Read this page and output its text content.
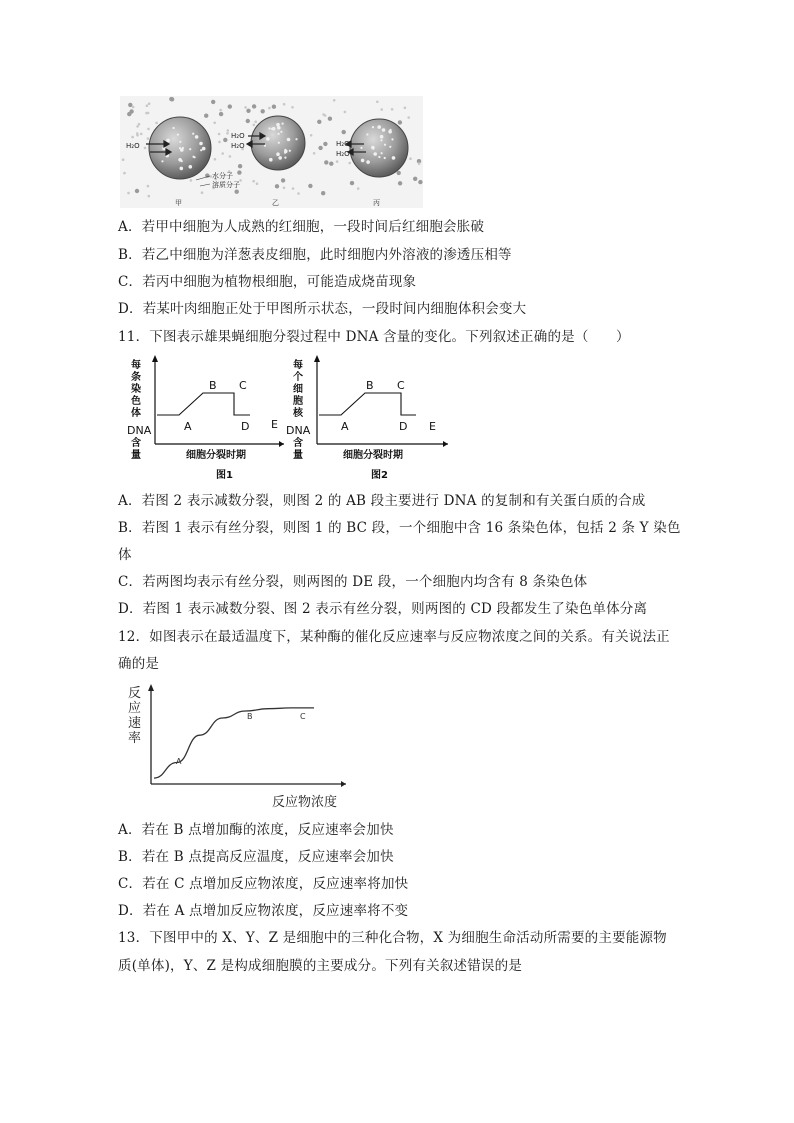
H₂O
H₂O
H₂O	H₂O
H₂O
水分子
溶质分子
甲	乙	丙
A．若甲中细胞为人成熟的红细胞，一段时间后红细胞会胀破
B．若乙中细胞为洋葱表皮细胞，此时细胞内外溶液的渗透压相等
C．若丙中细胞为植物根细胞，可能造成烧苗现象
D．若某叶肉细胞正处于甲图所示状态，一段时间内细胞体积会变大
11．下图表示雄果蝇细胞分裂过程中 DNA 含量的变化。下列叙述正确的是（　　）
每
条
染
色
体
DNA
含
量
A
B C
D E
细胞分裂时期
图1
每
个
细
胞
核
DNA
含
量
A
B C
D E
细胞分裂时期
图2
A．若图 2 表示减数分裂，则图 2 的 AB 段主要进行 DNA 的复制和有关蛋白质的合成
B．若图 1 表示有丝分裂，则图 1 的 BC 段，一个细胞中含 16 条染色体，包括 2 条 Y 染色
体
C．若两图均表示有丝分裂，则两图的 DE 段，一个细胞内均含有 8 条染色体
D．若图 1 表示减数分裂、图 2 表示有丝分裂，则两图的 CD 段都发生了染色单体分离
12．如图表示在最适温度下，某种酶的催化反应速率与反应物浓度之间的关系。有关说法正
确的是
反
应
速
率
A
B	C
反应物浓度
A．若在 B 点增加酶的浓度，反应速率会加快
B．若在 B 点提高反应温度，反应速率会加快
C．若在 C 点增加反应物浓度，反应速率将加快
D．若在 A 点增加反应物浓度，反应速率将不变
13．下图甲中的 X、Y、Z 是细胞中的三种化合物，X 为细胞生命活动所需要的主要能源物
质(单体)，Y、Z 是构成细胞膜的主要成分。下列有关叙述错误的是
